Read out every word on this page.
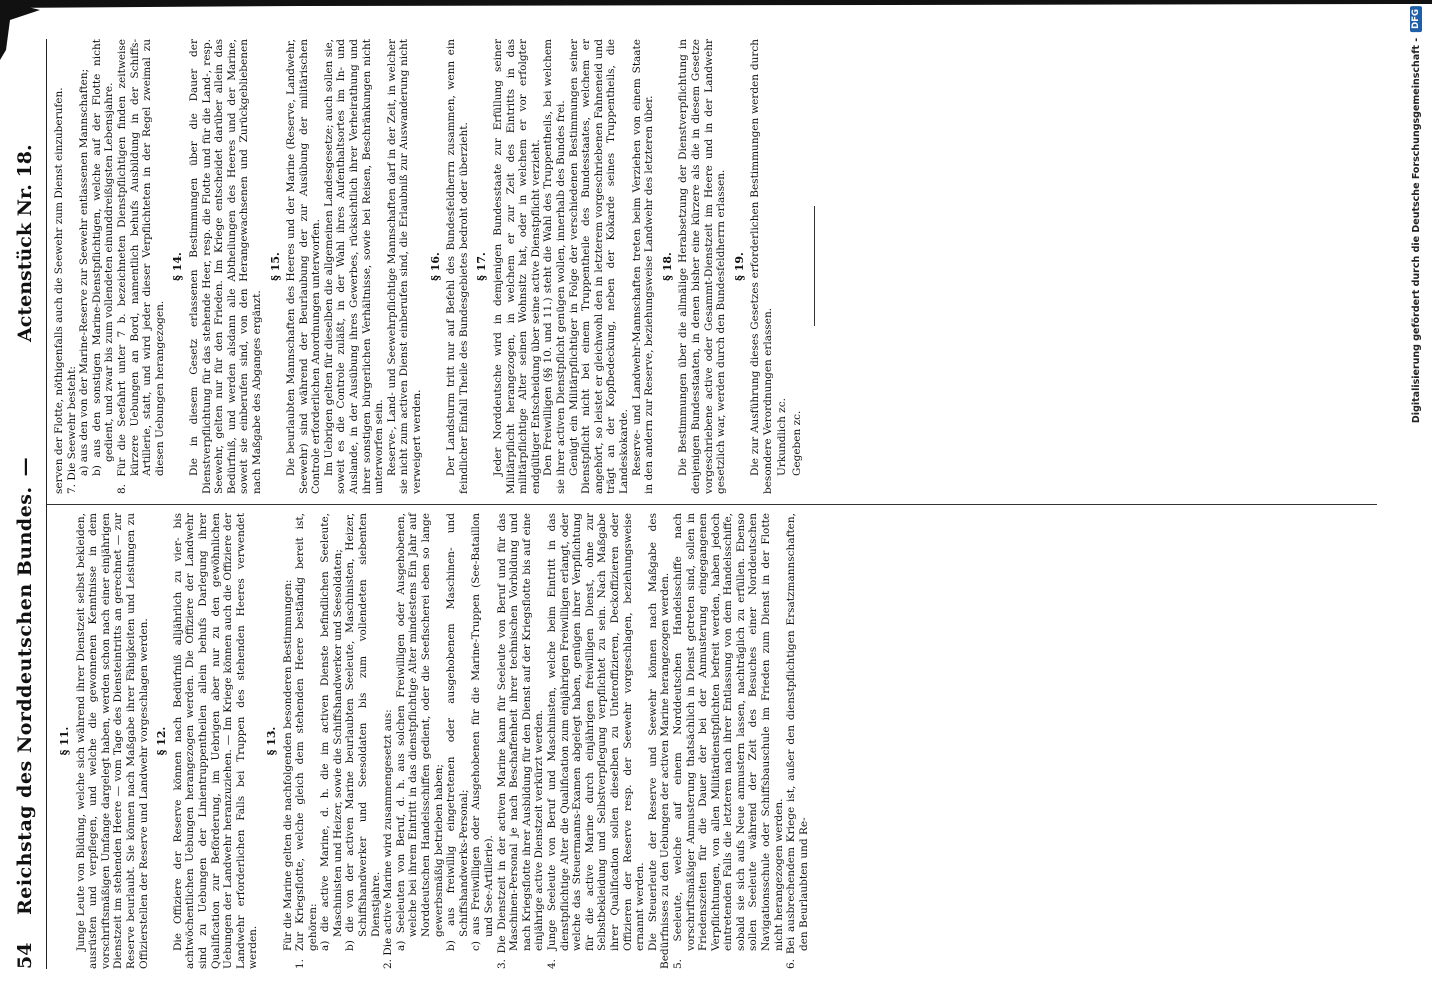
54
Reichstag des Norddeutschen Bundes.
—
Actenstück Nr. 18.
§ 11. Junge Leute von Bildung, welche sich während ihrer Dienstzeit selbst bekleiden, ausrüsten und verpflegen, und welche die gewonnenen Kenntnisse in dem vorschriftsmäßigen Umfange dargelegt haben, werden schon nach einer einjährigen Dienstzeit im stehenden Heere — vom Tage des Diensteintritts an gerechnet — zur Reserve beurlaubt. Sie können nach Maßgabe ihrer Fähigkeiten und Leistungen zu Offizierstellen der Reserve und Landwehr vorgeschlagen werden. § 12. Die Offiziere der Reserve können nach Bedürfniß alljährlich zu vier- bis achtwöchentlichen Uebungen herangezogen werden. Die Offiziere der Landwehr sind zu Uebungen der Linientruppentheilen allein behufs Darlegung ihrer Qualification zur Beförderung, im Uebrigen aber nur zu den gewöhnlichen Uebungen der Landwehr heranzuziehen. — Im Kriege können auch die Offiziere der Landwehr erforderlichen Falls bei Truppen des stehenden Heeres verwendet werden.

§ 13. Für die Marine gelten die nachfolgenden besonderen Bestimmungen: 1. Zur Kriegsflotte, welche gleich dem stehenden Heere beständig bereit ist, gehören: a) die active Marine, d. h. die im activen Dienste befindlichen Seeleute, Maschinisten und Heizer, sowie die Schiffshandwerker und Seesoldaten; b) die von der activen Marine beurlaubten Seeleute, Maschinisten, Heizer, Schiffshandwerker und Seesoldaten bis zum vollendeten siebenten Dienstjahre. 2. Die active Marine wird zusammengesetzt aus: a) Seeleuten von Beruf, d. h. aus solchen Freiwilligen oder Ausgehobenen, welche bei ihrem Eintritt in das dienstpflichtige Alter mindestens Ein Jahr auf Norddeutschen Handelsschiffen gedient, oder die Seefischerei eben so lange gewerbsmäßig betrieben haben; b) aus freiwillig eingetretenen oder ausgehobenem Maschinen- und Schiffshandwerks-Personal; c) aus Freiwilligen oder Ausgehobenen für die Marine-Truppen (See-Bataillon und See-Artillerie). 3. Die Dienstzeit in der activen Marine kann für Seeleute von Beruf und für das Maschinen-Personal je nach Beschaffenheit ihrer technischen Vorbildung und nach Kriegsflotte ihrer Ausbildung für den Dienst auf der Kriegsflotte bis auf eine einjährige active Dienstzeit verkürzt werden. 4. Junge Seeleute von Beruf und Maschinisten, welche beim Eintritt in das dienstpflichtige Alter die Qualification zum einjährigen Freiwilligen erlangt, oder welche das Steuermanns-Examen abgelegt haben, genügen ihrer Verpflichtung für die active Marine durch einjährigen freiwilligen Dienst, ohne zur Selbstbekleidung und Selbstverpflegung verpflichtet zu sein. Nach Maßgabe ihrer Qualification sollen dieselben zu Unteroffizieren, Deckoffizieren oder Offizieren der Reserve resp. der Seewehr vorgeschlagen, beziehungsweise ernannt werden. Die Steuerleute der Reserve und Seewehr können nach Maßgabe des Bedürfnisses zu den Uebungen der activen Marine herangezogen werden. 5. Seeleute, welche auf einem Norddeutschen Handelsschiffe nach vorschriftsmäßiger Anmusterung thatsächlich in Dienst getreten sind, sollen in Friedenszeiten für die Dauer der bei der Anmusterung eingegangenen Verpflichtungen, von allen Militärdienstpflichten befreit werden, haben jedoch eintretenden Falls die letzteren nach ihrer Entlassung von dem Handelsschiffe, sobald sie sich aufs Neue anmustern lassen, nachträglich zu erfüllen. Ebenso sollen Seeleute während der Zeit des Besuches einer Norddeutschen Navigationsschule oder Schiffsbauschule im Frieden zum Dienst in der Flotte nicht herangezogen werden. 6. Bei ausbrechendem Kriege ist, außer den dienstpflichtigen Ersatzmannschaften, den Beurlaubten und Re-

serven der Flotte, nöthigenfalls auch die Seewehr zum Dienst einzuberufen. 7. Die Seewehr besteht: a) aus den von der Marine-Reserve zur Seewehr entlassenen Mannschaften; b) aus den sonstigen Marine-Dienstpflichtigen, welche auf der Flotte nicht gedient, und zwar bis zum vollendeten einunddreißigsten Lebensjahre. 8. Für die Seefahrt unter 7 b. bezeichneten Dienstpflichtigen finden zeitweise kürzere Uebungen an Bord, namentlich behufs Ausbildung in der Schiffs-Artillerie, statt, und wird jeder dieser Verpflichteten in der Regel zweimal zu diesen Uebungen herangezogen.

§ 14. Die in diesem Gesetz erlassenen Bestimmungen über die Dauer der Dienstverpflichtung für das stehende Heer, resp. die Flotte und für die Land-, resp. Seewehr, gelten nur für den Frieden. Im Kriege entscheidet darüber allein das Bedürfniß, und werden alsdann alle Abtheilungen des Heeres und der Marine, soweit sie einberufen sind, von den Herangewachsenen und Zurückgebliebenen nach Maßgabe des Abganges ergänzt.

§ 15. Die beurlaubten Mannschaften des Heeres und der Marine (Reserve, Landwehr, Seewehr) sind während der Beurlaubung der zur Ausübung der militärischen Controle erforderlichen Anordnungen unterworfen. Im Uebrigen gelten für dieselben die allgemeinen Landesgesetze; auch sollen sie, soweit es die Controle zuläßt, in der Wahl ihres Aufenthaltsortes im In- und Auslande, in der Ausübung ihres Gewerbes, rücksichtlich ihrer Verheirathung und ihrer sonstigen bürgerlichen Verhältnisse, sowie bei Reisen, Beschränkungen nicht unterworfen sein. Reserve-, Land- und Seewehrpflichtige Mannschaften darf in der Zeit, in welcher sie nicht zum activen Dienst einberufen sind, die Erlaubniß zur Auswanderung nicht verweigert werden.

§ 16. Der Landsturm tritt nur auf Befehl des Bundesfeldherrn zusammen, wenn ein feindlicher Einfall Theile des Bundesgebietes bedroht oder überzieht. § 17. Jeder Norddeutsche wird in demjenigen Bundesstaate zur Erfüllung seiner Militärpflicht herangezogen, in welchem er zur Zeit des Eintritts in das militärpflichtige Alter seinen Wohnsitz hat, oder in welchem er vor erfolgter endgültiger Entscheidung über seine active Dienstpflicht verzieht. Den Freiwilligen (§§ 10. und 11.) steht die Wahl des Truppentheils, bei welchem sie ihrer activen Dienstpflicht genügen wollen, innerhalb des Bundes frei. Genügt ein Militärpflichtiger in Folge der verschiedenen Bestimmungen seiner Dienstpflicht nicht bei einem Truppentheile des Bundesstaates, welchem er angehört, so leistet er gleichwohl den in letzterem vorgeschriebenen Fahneneid und trägt an der Kopfbedeckung, neben der Kokarde seines Truppentheils, die Landeskokarde. Reserve- und Landwehr-Mannschaften treten beim Verziehen von einem Staate in den andern zur Reserve, beziehungsweise Landwehr des letzteren über. § 18. Die Bestimmungen über die allmälige Herabsetzung der Dienstverpflichtung in denjenigen Bundesstaaten, in denen bisher eine kürzere als die in diesem Gesetze vorgeschriebene active oder Gesammt-Dienstzeit im Heere und in der Landwehr gesetzlich war, werden durch den Bundesfeldherrn erlassen. § 19. Die zur Ausführung dieses Gesetzes erforderlichen Bestimmungen werden durch besondere Verordnungen erlassen. Urkundlich zc. Gegeben zc.

Digitalisierung gefördert durch die Deutsche Forschungsgemeinschaft -
DFG
